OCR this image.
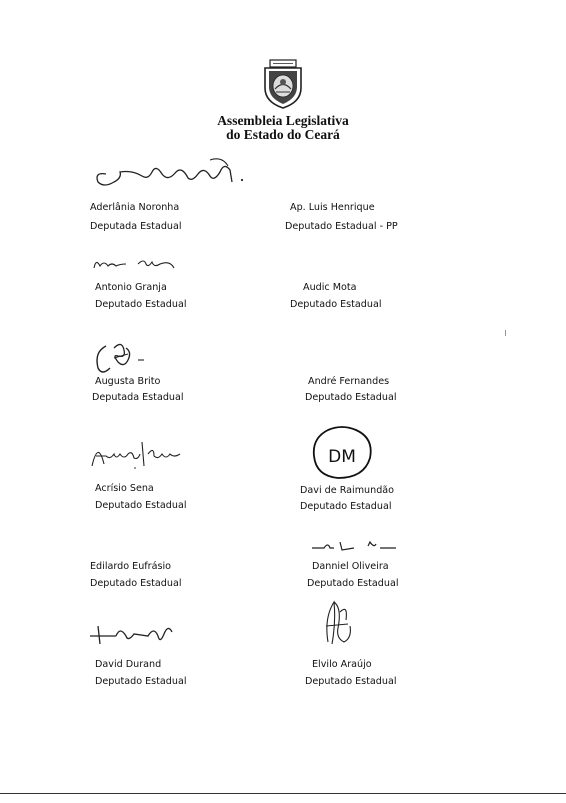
Assembleia Legislativa
do Estado do Ceará
Aderlânia Noronha
Deputada Estadual
Ap. Luis Henrique
Deputado Estadual - PP
Antonio Granja
Deputado Estadual
Audic Mota
Deputado Estadual
Augusta Brito
Deputada Estadual
André Fernandes
Deputado Estadual
Acrísio Sena
Deputado Estadual
DM
Davi de Raimundão
Deputado Estadual
Edilardo Eufrásio
Deputado Estadual
Danniel Oliveira
Deputado Estadual
David Durand
Deputado Estadual
Elvilo Araújo
Deputado Estadual
